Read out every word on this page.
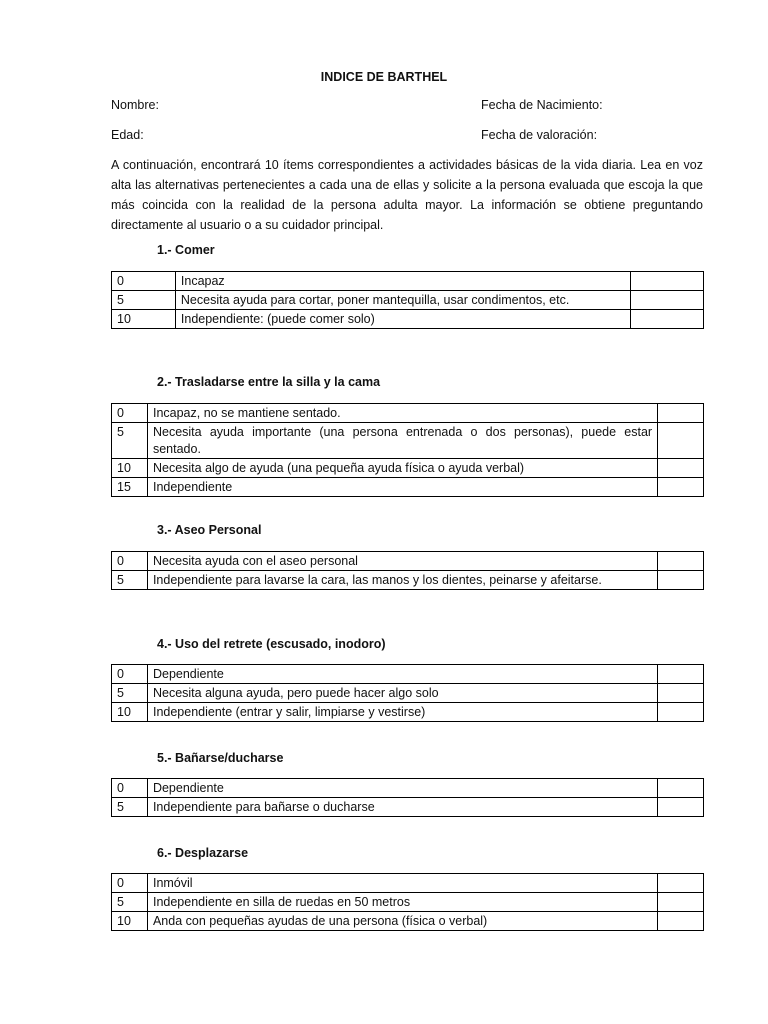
INDICE DE BARTHEL
Nombre:	Fecha de Nacimiento:
Edad:	Fecha de valoración:
A continuación, encontrará 10 ítems correspondientes a actividades básicas de la vida diaria. Lea en voz alta las alternativas pertenecientes a cada una de ellas y solicite a la persona evaluada que escoja la que más coincida con la realidad de la persona adulta mayor. La información se obtiene preguntando directamente al usuario o a su cuidador principal.
1.- Comer
0	Incapaz	
5	Necesita ayuda para cortar, poner mantequilla, usar condimentos, etc.	
10	Independiente: (puede comer solo)	
2.- Trasladarse entre la silla y la cama
0	Incapaz, no se mantiene sentado.	
5	Necesita ayuda importante (una persona entrenada o dos personas), puede estar sentado.	
10	Necesita algo de ayuda (una pequeña ayuda física o ayuda verbal)	
15	Independiente	
3.- Aseo Personal
0	Necesita ayuda con el aseo personal	
5	Independiente para lavarse la cara, las manos y los dientes, peinarse y afeitarse.	
4.- Uso del retrete (escusado, inodoro)
0	Dependiente	
5	Necesita alguna ayuda, pero puede hacer algo solo	
10	Independiente (entrar y salir, limpiarse y vestirse)	
5.- Bañarse/ducharse
0	Dependiente	
5	Independiente para bañarse o ducharse	
6.- Desplazarse
0	Inmóvil	
5	Independiente en silla de ruedas en 50 metros	
10	Anda con pequeñas ayudas de una persona (física o verbal)	
